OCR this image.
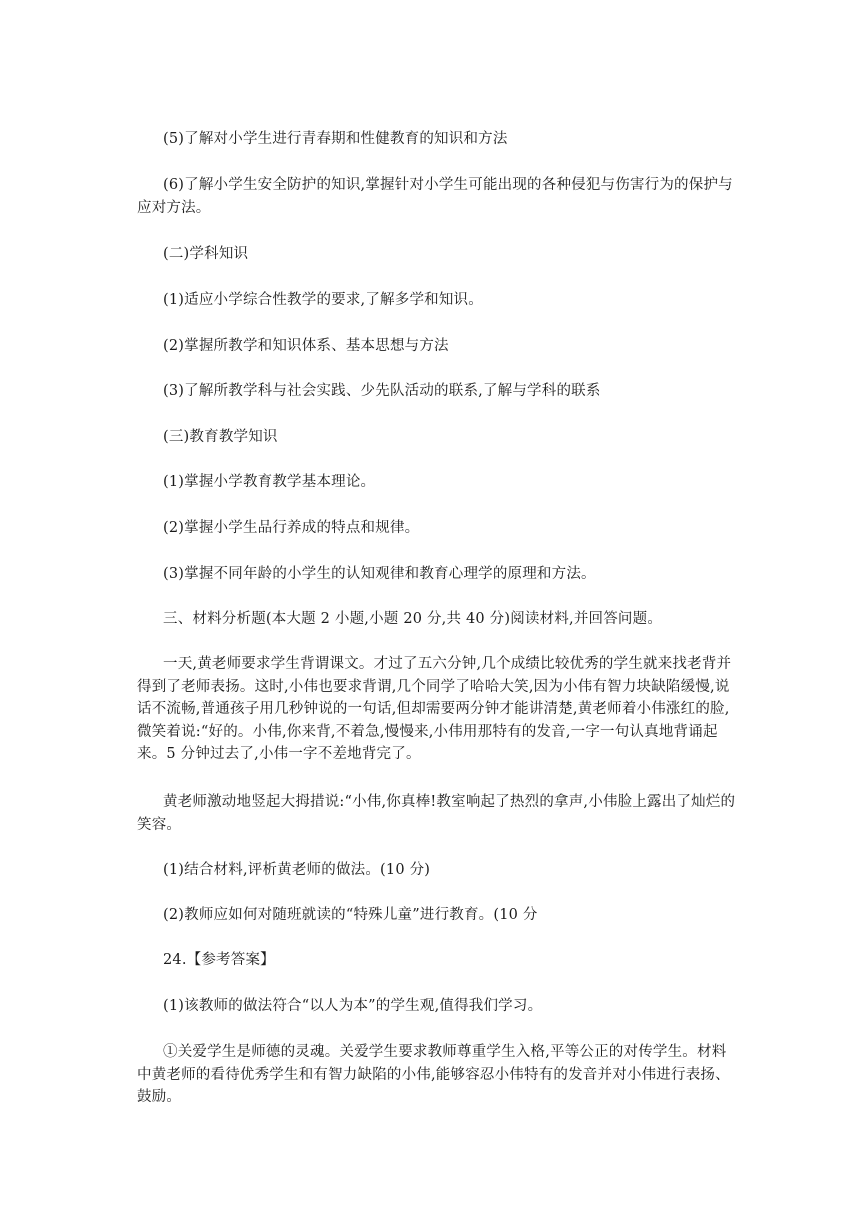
(5)了解对小学生进行青春期和性健教育的知识和方法

(6)了解小学生安全防护的知识,掌握针对小学生可能出现的各种侵犯与伤害行为的保护与应对方法。

(二)学科知识

(1)适应小学综合性教学的要求,了解多学和知识。

(2)掌握所教学和知识体系、基本思想与方法

(3)了解所教学科与社会实践、少先队活动的联系,了解与学科的联系

(三)教育教学知识

(1)掌握小学教育教学基本理论。

(2)掌握小学生品行养成的特点和规律。

(3)掌握不同年龄的小学生的认知观律和教育心理学的原理和方法。

三、材料分析题(本大题 2 小题,小题 20 分,共 40 分)阅读材料,并回答问题。

一天,黄老师要求学生背谓课文。才过了五六分钟,几个成绩比较优秀的学生就来找老背并得到了老师表扬。这时,小伟也要求背谓,几个同学了哈哈大笑,因为小伟有智力块缺陷缓慢,说话不流畅,普通孩子用几秒钟说的一句话,但却需要两分钟才能讲清楚,黄老师着小伟涨红的脸,微笑着说:“好的。小伟,你来背,不着急,慢慢来,小伟用那特有的发音,一字一句认真地背诵起来。5 分钟过去了,小伟一字不差地背完了。

黄老师激动地竖起大拇措说:“小伟,你真棒!教室响起了热烈的拿声,小伟脸上露出了灿烂的笑容。

(1)结合材料,评析黄老师的做法。(10 分)

(2)教师应如何对随班就读的“特殊儿童”进行教育。(10 分

24.【参考答案】

(1)该教师的做法符合“以人为本”的学生观,值得我们学习。

①关爱学生是师德的灵魂。关爱学生要求教师尊重学生入格,平等公正的对传学生。材料中黄老师的看待优秀学生和有智力缺陷的小伟,能够容忍小伟特有的发音并对小伟进行表扬、鼓励。
